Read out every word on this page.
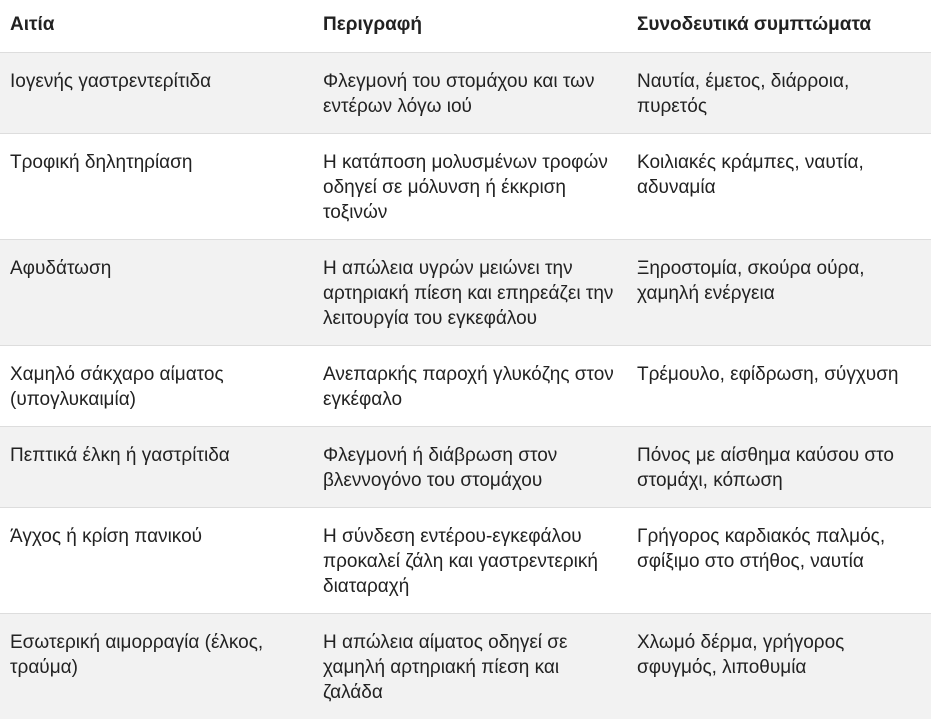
Αιτία	Περιγραφή	Συνοδευτικά συμπτώματα
Ιογενής γαστρεντερίτιδα	Φλεγμονή του στομάχου και των εντέρων λόγω ιού	Ναυτία, έμετος, διάρροια, πυρετός
Τροφική δηλητηρίαση	Η κατάποση μολυσμένων τροφών οδηγεί σε μόλυνση ή έκκριση τοξινών	Κοιλιακές κράμπες, ναυτία, αδυναμία
Αφυδάτωση	Η απώλεια υγρών μειώνει την αρτηριακή πίεση και επηρεάζει την λειτουργία του εγκεφάλου	Ξηροστομία, σκούρα ούρα, χαμηλή ενέργεια
Χαμηλό σάκχαρο αίματος (υπογλυκαιμία)	Ανεπαρκής παροχή γλυκόζης στον εγκέφαλο	Τρέμουλο, εφίδρωση, σύγχυση
Πεπτικά έλκη ή γαστρίτιδα	Φλεγμονή ή διάβρωση στον βλεννογόνο του στομάχου	Πόνος με αίσθημα καύσου στο στομάχι, κόπωση
Άγχος ή κρίση πανικού	Η σύνδεση εντέρου-εγκεφάλου προκαλεί ζάλη και γαστρεντερική διαταραχή	Γρήγορος καρδιακός παλμός, σφίξιμο στο στήθος, ναυτία
Εσωτερική αιμορραγία (έλκος, τραύμα)	Η απώλεια αίματος οδηγεί σε χαμηλή αρτηριακή πίεση και ζαλάδα	Χλωμό δέρμα, γρήγορος σφυγμός, λιποθυμία
